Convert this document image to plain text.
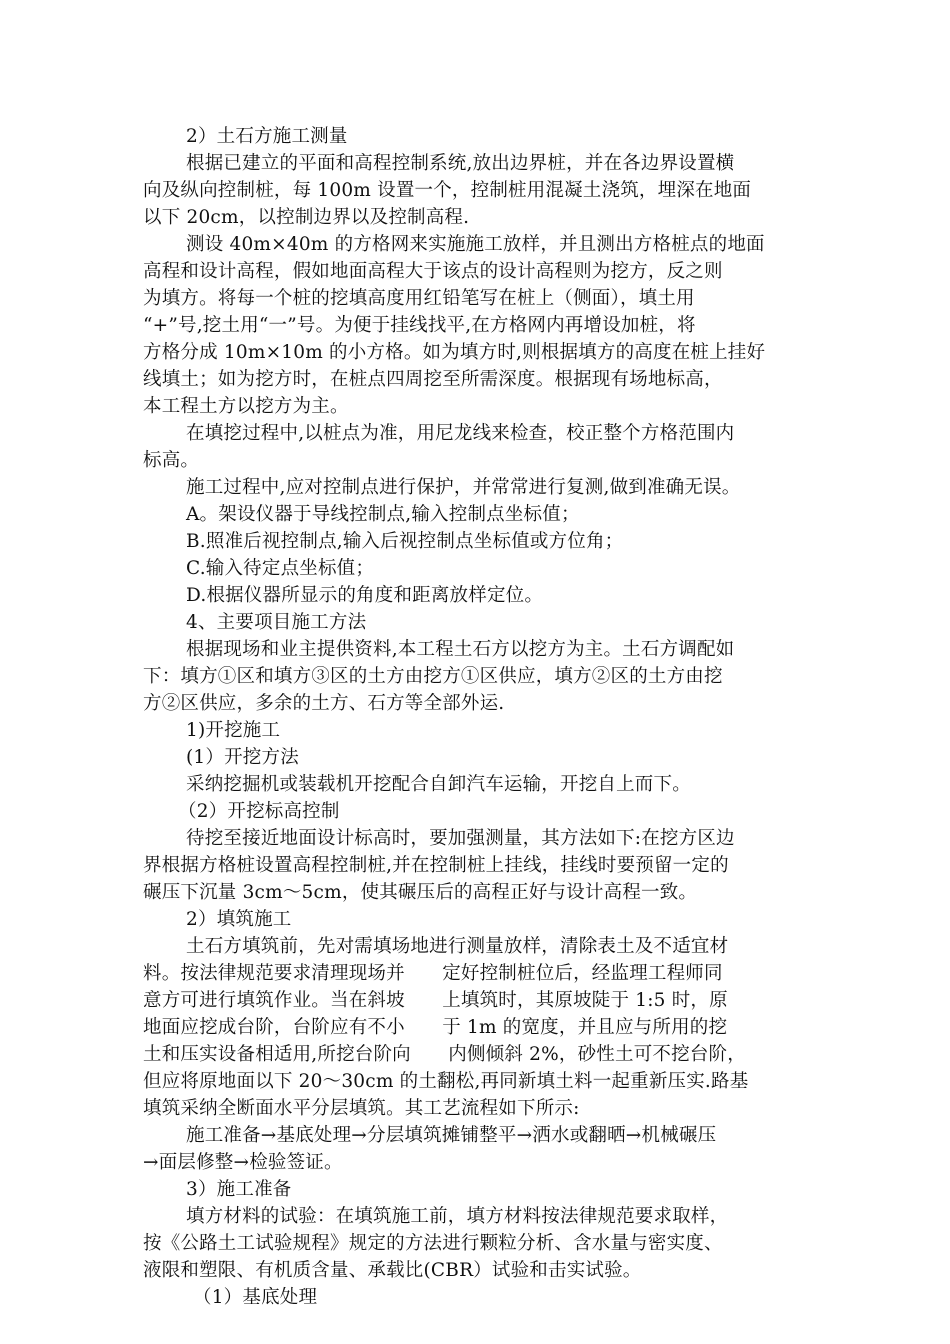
2）土石方施工测量
根据已建立的平面和高程控制系统,放出边界桩，并在各边界设置横
向及纵向控制桩，每 100m 设置一个，控制桩用混凝土浇筑，埋深在地面
以下 20cm，以控制边界以及控制高程.
测设 40m×40m 的方格网来实施施工放样，并且测出方格桩点的地面
高程和设计高程，假如地面高程大于该点的设计高程则为挖方，反之则
为填方。将每一个桩的挖填高度用红铅笔写在桩上（侧面），填土用
“+”号,挖土用“一”号。为便于挂线找平,在方格网内再增设加桩，将
方格分成 10m×10m 的小方格。如为填方时,则根据填方的高度在桩上挂好
线填土；如为挖方时，在桩点四周挖至所需深度。根据现有场地标高，
本工程土方以挖方为主。
在填挖过程中,以桩点为准，用尼龙线来检查，校正整个方格范围内
标高。
施工过程中,应对控制点进行保护，并常常进行复测,做到准确无误。
A。架设仪器于导线控制点,输入控制点坐标值；
B.照准后视控制点,输入后视控制点坐标值或方位角；
C.输入待定点坐标值；
D.根据仪器所显示的角度和距离放样定位。
4、主要项目施工方法
根据现场和业主提供资料,本工程土石方以挖方为主。土石方调配如
下：填方①区和填方③区的土方由挖方①区供应，填方②区的土方由挖
方②区供应，多余的土方、石方等全部外运.
1)开挖施工
(1）开挖方法
采纳挖掘机或装载机开挖配合自卸汽车运输，开挖自上而下。
（2）开挖标高控制
待挖至接近地面设计标高时，要加强测量，其方法如下:在挖方区边
界根据方格桩设置高程控制桩,并在控制桩上挂线，挂线时要预留一定的
碾压下沉量 3cm～5cm，使其碾压后的高程正好与设计高程一致。
2）填筑施工
土石方填筑前，先对需填场地进行测量放样，清除表土及不适宜材
料。按法律规范要求清理现场并　　定好控制桩位后，经监理工程师同
意方可进行填筑作业。当在斜坡　　上填筑时，其原坡陡于 1:5 时，原
地面应挖成台阶，台阶应有不小　　于 1m 的宽度，并且应与所用的挖
土和压实设备相适用,所挖台阶向　　内侧倾斜 2%，砂性土可不挖台阶，
但应将原地面以下 20～30cm 的土翻松,再同新填土料一起重新压实.路基
填筑采纳全断面水平分层填筑。其工艺流程如下所示:
施工准备→基底处理→分层填筑摊铺整平→洒水或翻晒→机械碾压
→面层修整→检验签证。
3）施工准备
填方材料的试验：在填筑施工前，填方材料按法律规范要求取样，
按《公路土工试验规程》规定的方法进行颗粒分析、含水量与密实度、
液限和塑限、有机质含量、承载比(CBR）试验和击实试验。
（1）基底处理
